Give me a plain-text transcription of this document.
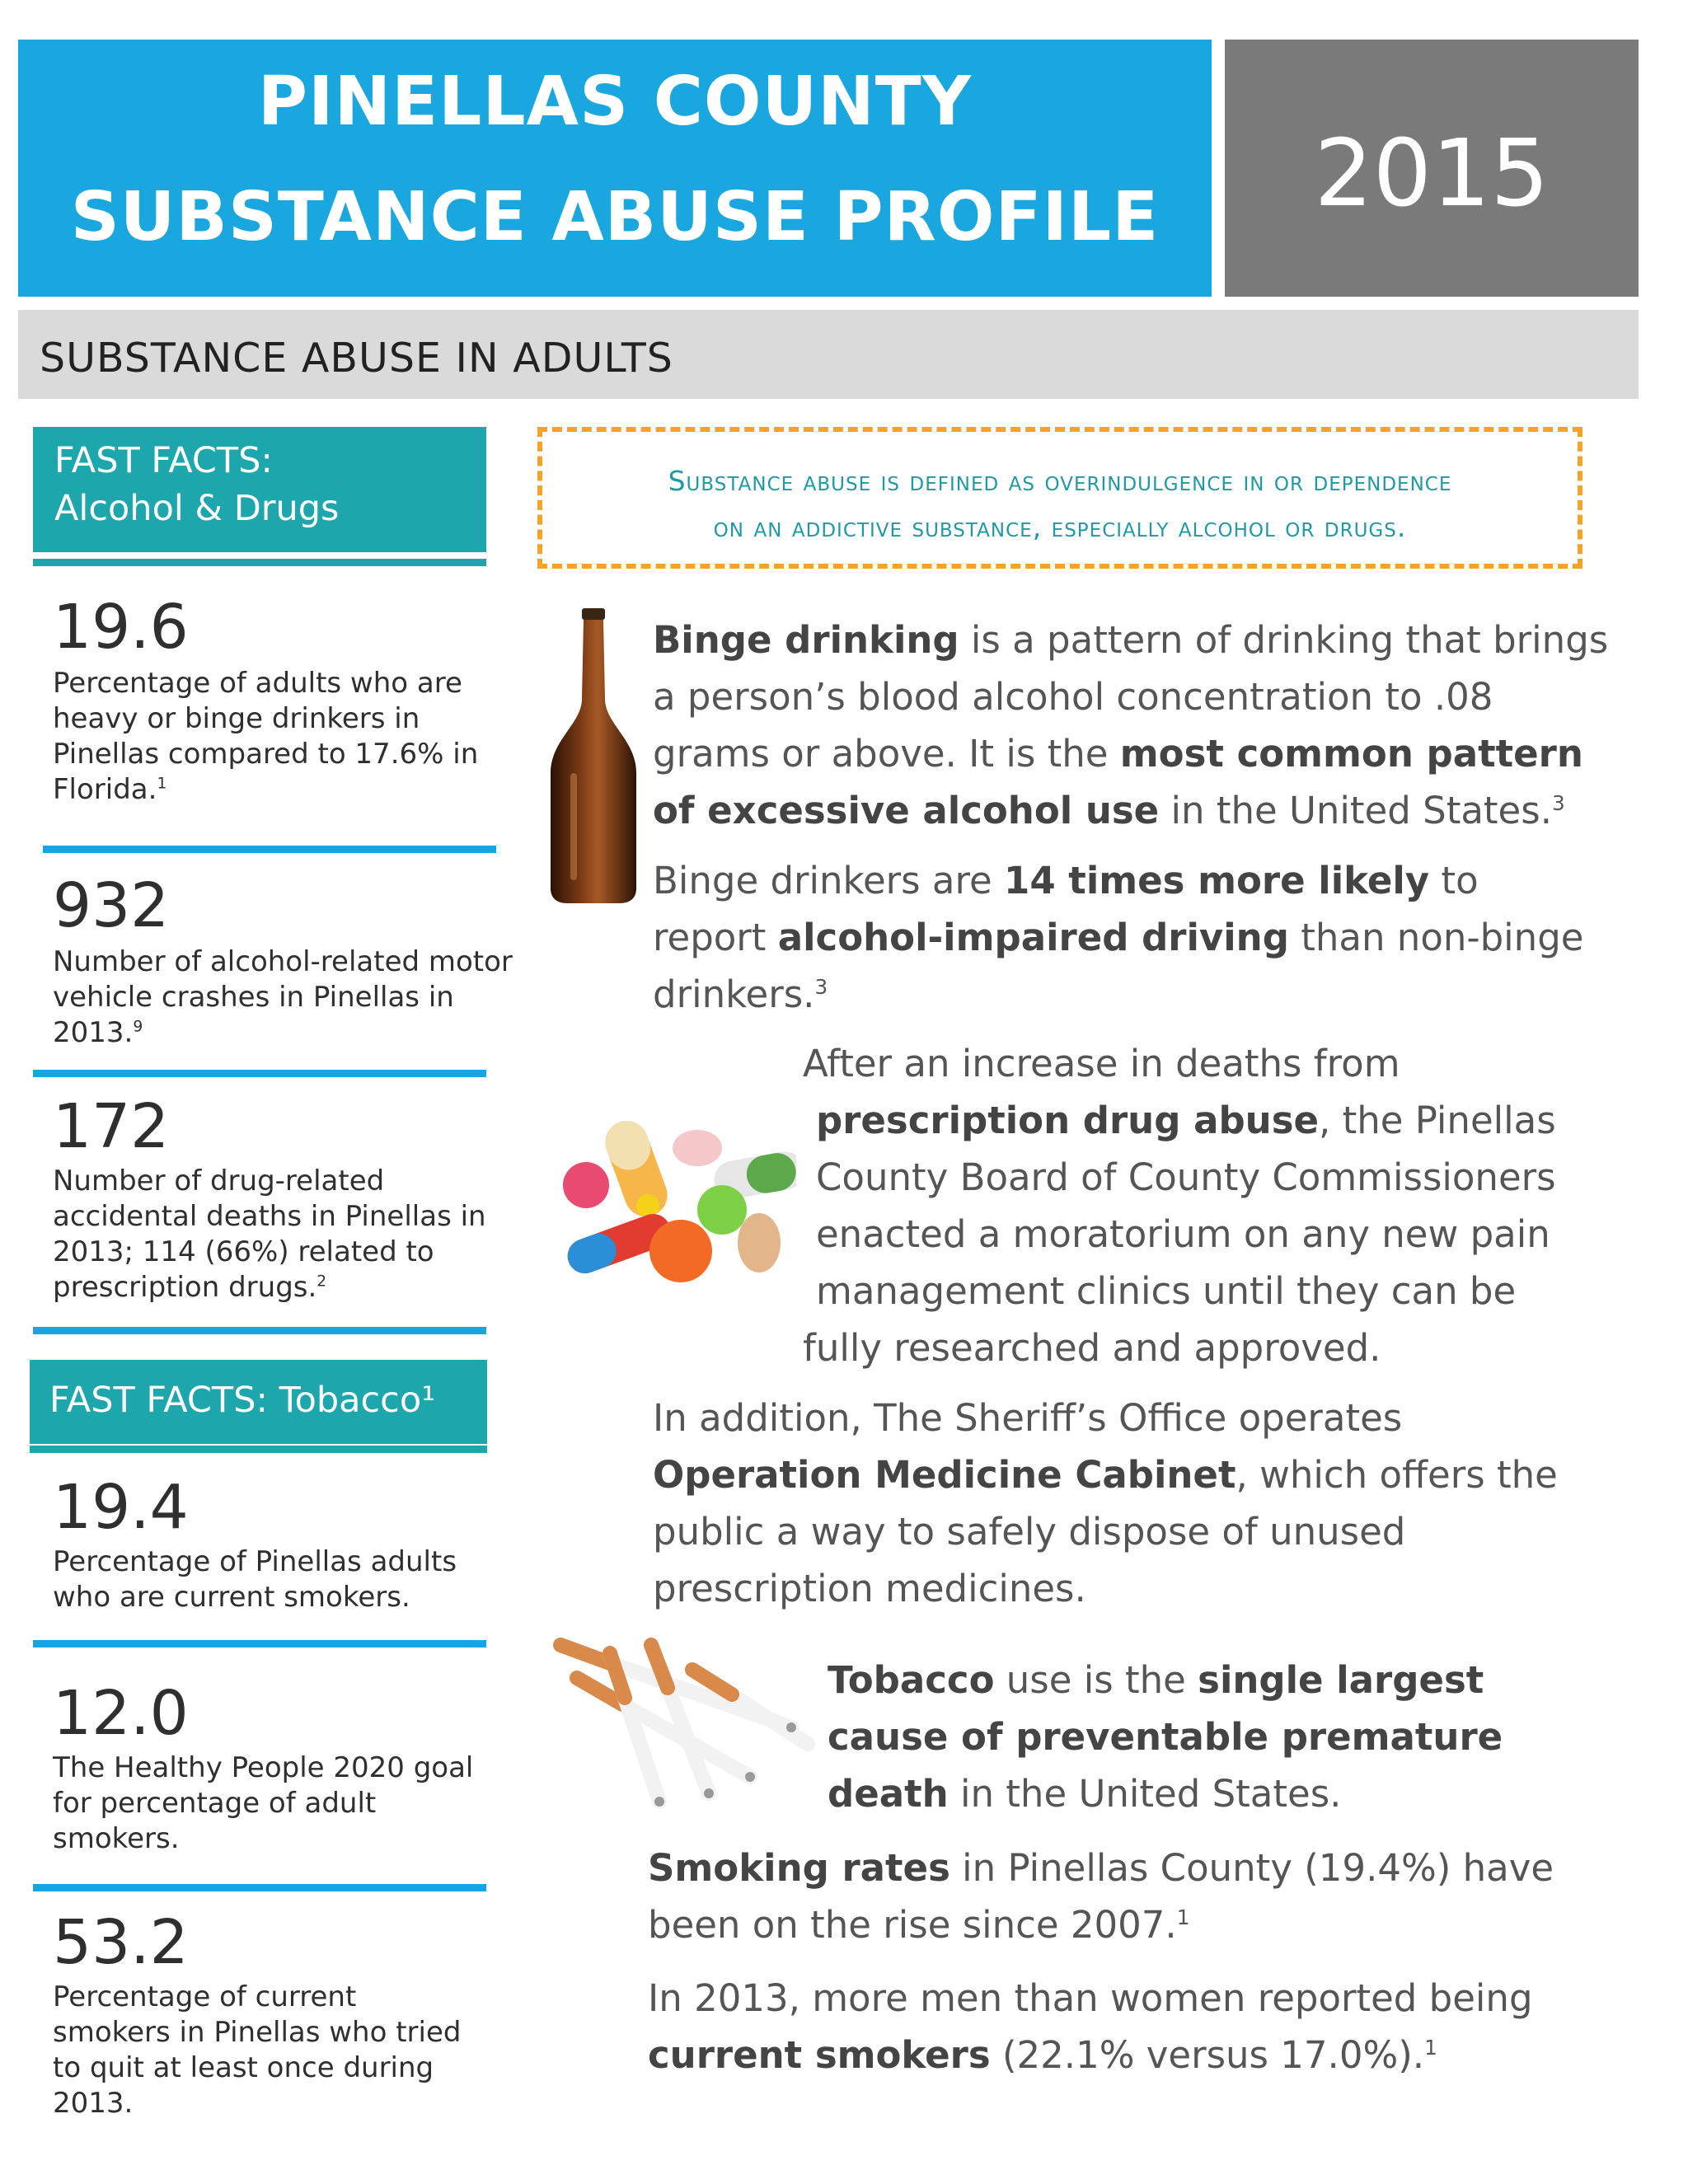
PINELLAS COUNTY
SUBSTANCE ABUSE PROFILE	2015
SUBSTANCE ABUSE IN ADULTS
FAST FACTS:
Alcohol & Drugs
19.6
Percentage of adults who are heavy or binge drinkers in Pinellas compared to 17.6% in Florida.$^1$
932
Number of alcohol-related motor vehicle crashes in Pinellas in 2013.$^9$
172
Number of drug-related accidental deaths in Pinellas in 2013; 114 (66%) related to prescription drugs.$^2$
FAST FACTS: Tobacco¹
19.4
Percentage of Pinellas adults who are current smokers.
12.0
The Healthy People 2020 goal for percentage of adult smokers.
53.2
Percentage of current smokers in Pinellas who tried to quit at least once during 2013.
Substance abuse is defined as overindulgence in or dependence
on an addictive substance, especially alcohol or drugs.
Binge drinking is a pattern of drinking that brings a person’s blood alcohol concentration to .08 grams or above. It is the most common pattern of excessive alcohol use in the United States.$^3$
Binge drinkers are 14 times more likely to report alcohol-impaired driving than non-binge drinkers.$^3$
After an increase in deaths from
prescription drug abuse, the Pinellas County Board of County Commissioners enacted a moratorium on any new pain management clinics until they can be
fully researched and approved.
In addition, The Sheriff’s Office operates Operation Medicine Cabinet, which offers the public a way to safely dispose of unused prescription medicines.
Tobacco use is the single largest cause of preventable premature death in the United States.
Smoking rates in Pinellas County (19.4%) have been on the rise since 2007.$^1$
In 2013, more men than women reported being current smokers (22.1% versus 17.0%).$^1$
